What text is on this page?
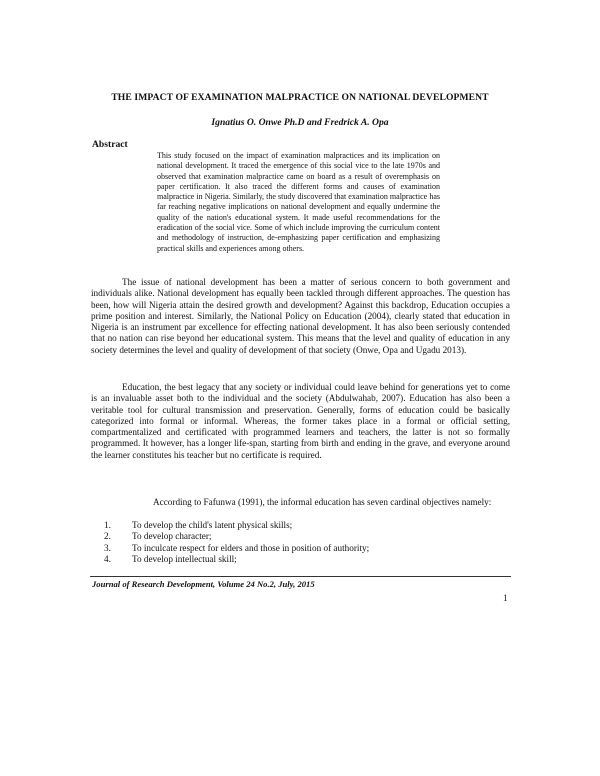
THE IMPACT OF EXAMINATION MALPRACTICE ON NATIONAL DEVELOPMENT
Ignatius O. Onwe Ph.D and Fredrick A. Opa
Abstract
This study focused on the impact of examination malpractices and its implication on national development. It traced the emergence of this social vice to the late 1970s and observed that examination malpractice came on board as a result of overemphasis on paper certification. It also traced the different forms and causes of examination malpractice in Nigeria. Similarly, the study discovered that examination malpractice has far reaching negative implications on national development and equally undermine the quality of the nation's educational system. It made useful recommendations for the eradication of the social vice. Some of which include improving the curriculum content and methodology of instruction, de-emphasizing paper certification and emphasizing practical skills and experiences among others.

The issue of national development has been a matter of serious concern to both government and individuals alike. National development has equally been tackled through different approaches. The question has been, how will Nigeria attain the desired growth and development? Against this backdrop, Education occupies a prime position and interest. Similarly, the National Policy on Education (2004), clearly stated that education in Nigeria is an instrument par excellence for effecting national development. It has also been seriously contended that no nation can rise beyond her educational system. This means that the level and quality of education in any society determines the level and quality of development of that society (Onwe, Opa and Ugadu 2013).

Education, the best legacy that any society or individual could leave behind for generations yet to come is an invaluable asset both to the individual and the society (Abdulwahab, 2007). Education has also been a veritable tool for cultural transmission and preservation. Generally, forms of education could be basically categorized into formal or informal. Whereas, the former takes place in a formal or official setting, compartmentalized and certificated with programmed learners and teachers, the latter is not so formally programmed. It however, has a longer life-span, starting from birth and ending in the grave, and everyone around the learner constitutes his teacher but no certificate is required.

According to Fafunwa (1991), the informal education has seven cardinal objectives namely:

1.	To develop the child's latent physical skills;
2.	To develop character;
3.	To inculcate respect for elders and those in position of authority;
4.	To develop intellectual skill;
Journal of Research Development, Volume 24 No.2, July, 2015
1
